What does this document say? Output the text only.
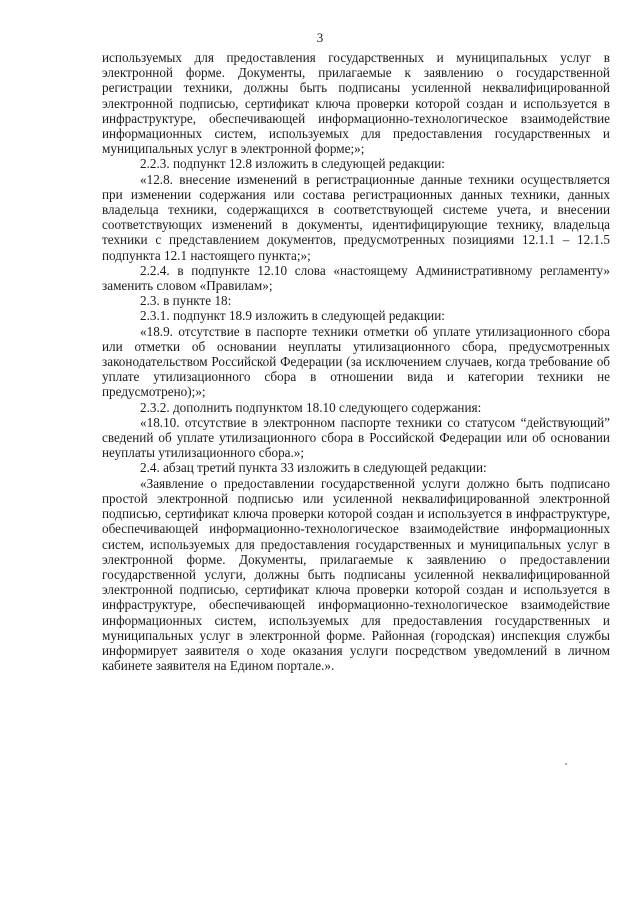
3

используемых для предоставления государственных и муниципальных услуг в электронной форме. Документы, прилагаемые к заявлению о государственной регистрации техники, должны быть подписаны усиленной неквалифицированной электронной подписью, сертификат ключа проверки которой создан и используется в инфраструктуре, обеспечивающей информационно-технологическое взаимодействие информационных систем, используемых для предоставления государственных и муниципальных услуг в электронной форме;»;

2.2.3. подпункт 12.8 изложить в следующей редакции:

«12.8. внесение изменений в регистрационные данные техники осуществляется при изменении содержания или состава регистрационных данных техники, данных владельца техники, содержащихся в соответствующей системе учета, и внесении соответствующих изменений в документы, идентифицирующие технику, владельца техники с представлением документов, предусмотренных позициями 12.1.1 – 12.1.5 подпункта 12.1 настоящего пункта;»;

2.2.4. в подпункте 12.10 слова «настоящему Административному регламенту» заменить словом «Правилам»;

2.3. в пункте 18:

2.3.1. подпункт 18.9 изложить в следующей редакции:

«18.9. отсутствие в паспорте техники отметки об уплате утилизационного сбора или отметки об основании неуплаты утилизационного сбора, предусмотренных законодательством Российской Федерации (за исключением случаев, когда требование об уплате утилизационного сбора в отношении вида и категории техники не предусмотрено);»;

2.3.2. дополнить подпунктом 18.10 следующего содержания:

«18.10. отсутствие в электронном паспорте техники со статусом “действующий” сведений об уплате утилизационного сбора в Российской Федерации или об основании неуплаты утилизационного сбора.»;

2.4. абзац третий пункта 33 изложить в следующей редакции:

«Заявление о предоставлении государственной услуги должно быть подписано простой электронной подписью или усиленной неквалифицированной электронной подписью, сертификат ключа проверки которой создан и используется в инфраструктуре, обеспечивающей информационно-технологическое взаимодействие информационных систем, используемых для предоставления государственных и муниципальных услуг в электронной форме. Документы, прилагаемые к заявлению о предоставлении государственной услуги, должны быть подписаны усиленной неквалифицированной электронной подписью, сертификат ключа проверки которой создан и используется в инфраструктуре, обеспечивающей информационно-технологическое взаимодействие информационных систем, используемых для предоставления государственных и муниципальных услуг в электронной форме. Районная (городская) инспекция службы информирует заявителя о ходе оказания услуги посредством уведомлений в личном кабинете заявителя на Едином портале.».
